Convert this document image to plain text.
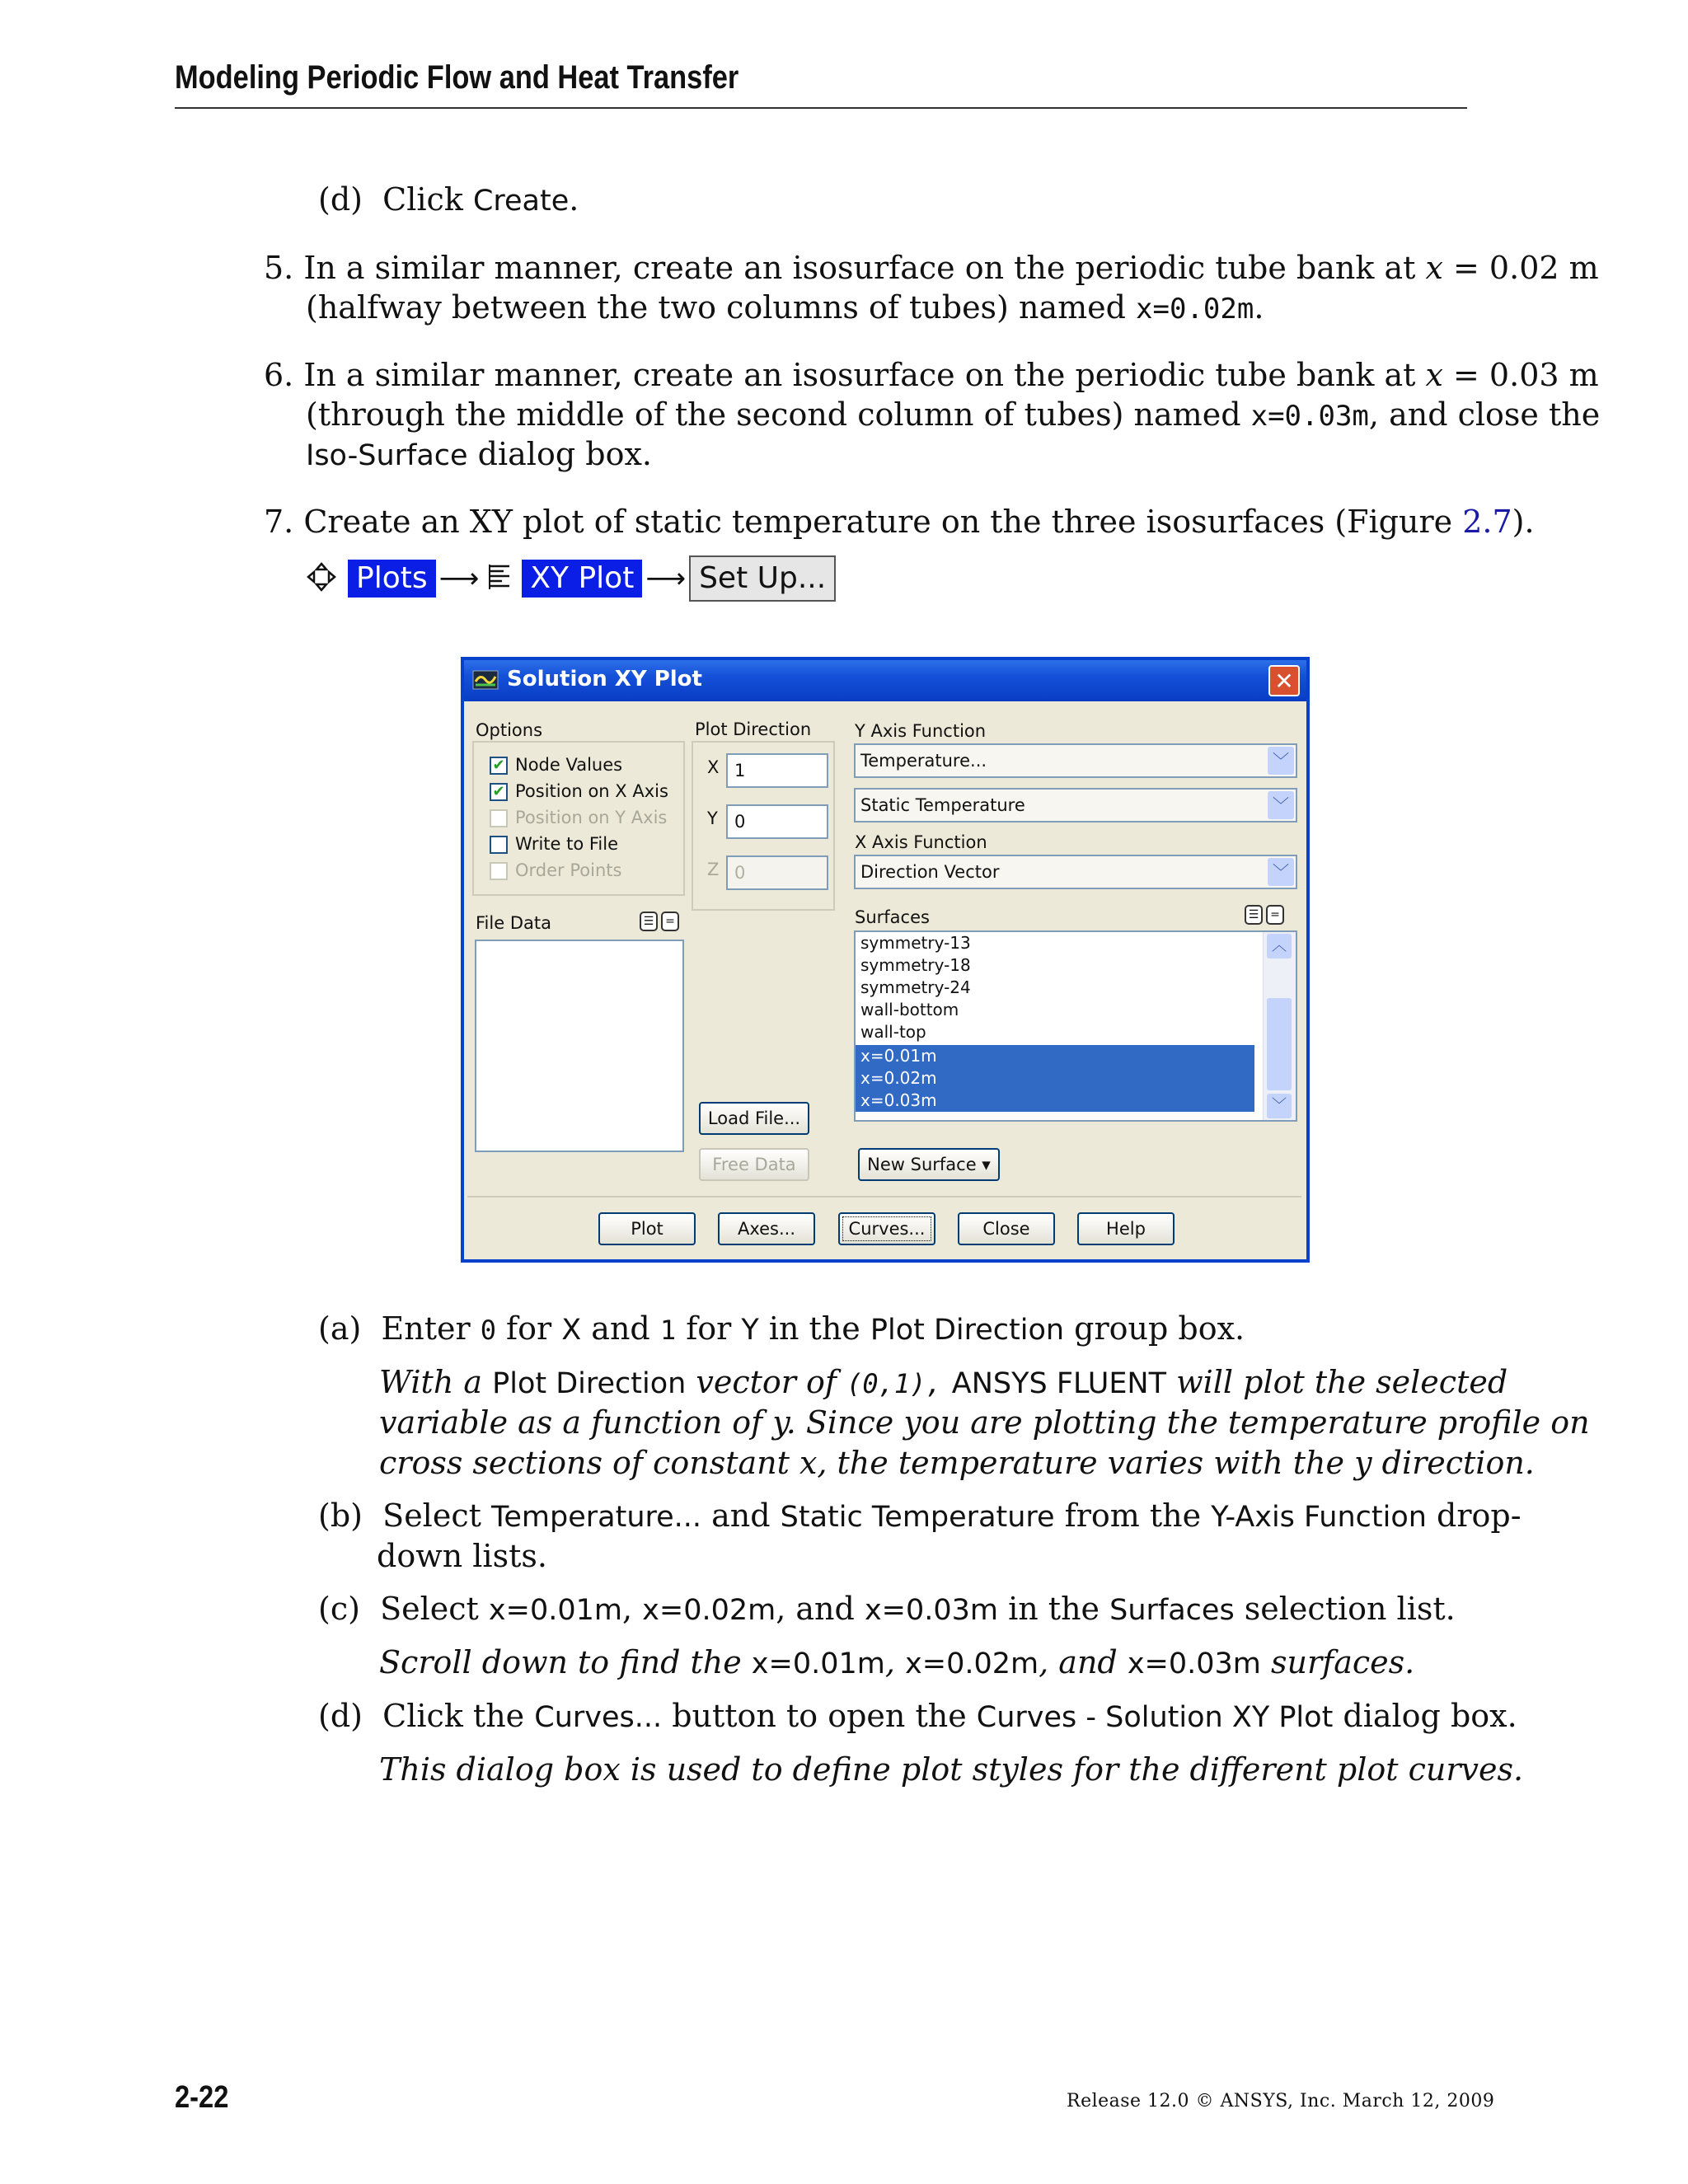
Modeling Periodic Flow and Heat Transfer
(d) Click Create.
5. In a similar manner, create an isosurface on the periodic tube bank at x = 0.02 m
(halfway between the two columns of tubes) named x=0.02m.
6. In a similar manner, create an isosurface on the periodic tube bank at x = 0.03 m
(through the middle of the second column of tubes) named x=0.03m, and close the
Iso-Surface dialog box.
7. Create an XY plot of static temperature on the three isosurfaces (Figure 2.7).
Plots ⟶ XY Plot ⟶ Set Up...
Solution XY Plot	✕
Options
✔ Node Values
✔ Position on X Axis
Position on Y Axis
Write to File
Order Points
File Data	☰ =
Plot Direction
X 1
Y 0
Z 0
Load File...
Free Data
Y Axis Function
Temperature...	﹀
Static Temperature	﹀
X Axis Function
Direction Vector	﹀
Surfaces	☰ =
symmetry-13
symmetry-18
symmetry-24
wall-bottom
wall-top
x=0.01m
x=0.02m
x=0.03m
︿
﹀
New Surface ▾
Plot	Axes...	Curves...	Close	Help
(a) Enter 0 for X and 1 for Y in the Plot Direction group box.
With a Plot Direction vector of (0,1), ANSYS FLUENT will plot the selected
variable as a function of y. Since you are plotting the temperature profile on
cross sections of constant x, the temperature varies with the y direction.
(b) Select Temperature... and Static Temperature from the Y-Axis Function drop-
down lists.
(c) Select x=0.01m, x=0.02m, and x=0.03m in the Surfaces selection list.
Scroll down to find the x=0.01m, x=0.02m, and x=0.03m surfaces.
(d) Click the Curves... button to open the Curves - Solution XY Plot dialog box.
This dialog box is used to define plot styles for the different plot curves.
2-22	Release 12.0 © ANSYS, Inc. March 12, 2009
